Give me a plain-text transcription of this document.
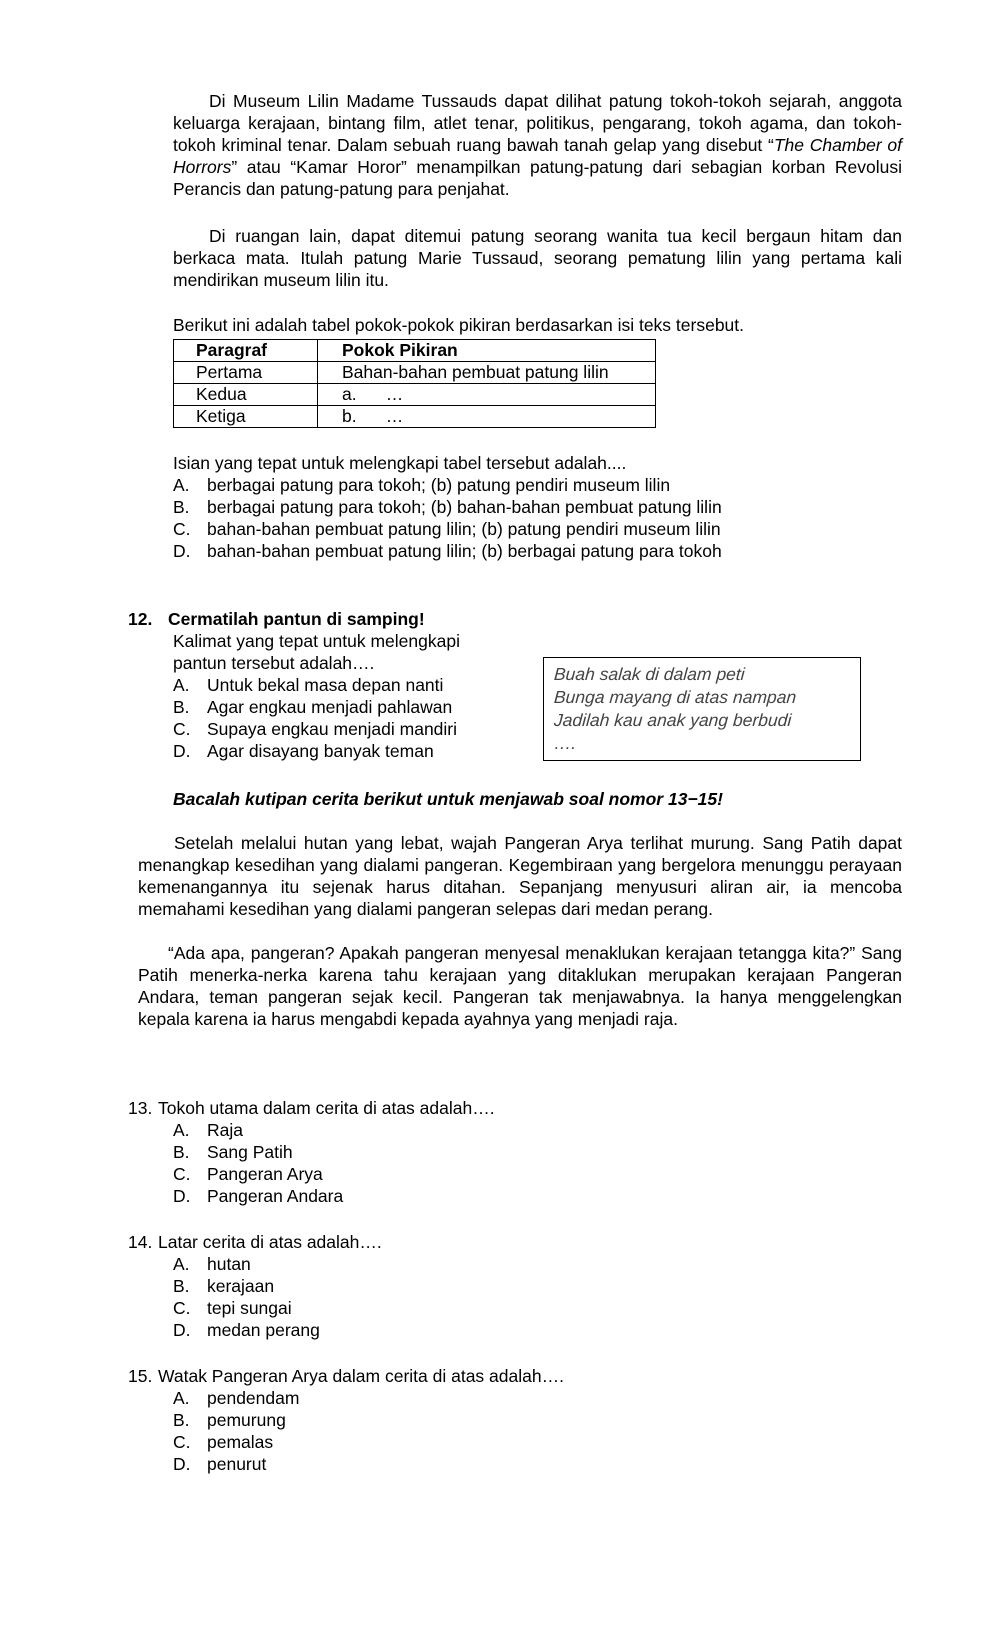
Di Museum Lilin Madame Tussauds dapat dilihat patung tokoh-tokoh sejarah, anggota keluarga kerajaan, bintang film, atlet tenar, politikus, pengarang, tokoh agama, dan tokoh-tokoh kriminal tenar. Dalam sebuah ruang bawah tanah gelap yang disebut “The Chamber of Horrors” atau “Kamar Horor” menampilkan patung-patung dari sebagian korban Revolusi Perancis dan patung-patung para penjahat.

Di ruangan lain, dapat ditemui patung seorang wanita tua kecil bergaun hitam dan berkaca mata. Itulah patung Marie Tussaud, seorang pematung lilin yang pertama kali mendirikan museum lilin itu.

Berikut ini adalah tabel pokok-pokok pikiran berdasarkan isi teks tersebut.
Paragraf	Pokok Pikiran
Pertama	Bahan-bahan pembuat patung lilin
Kedua	a.      …
Ketiga	b.      …
Isian yang tepat untuk melengkapi tabel tersebut adalah....
A. berbagai patung para tokoh; (b) patung pendiri museum lilin
B. berbagai patung para tokoh; (b) bahan-bahan pembuat patung lilin
C. bahan-bahan pembuat patung lilin; (b) patung pendiri museum lilin
D. bahan-bahan pembuat patung lilin; (b) berbagai patung para tokoh
12. Cermatilah pantun di samping!
Kalimat yang tepat untuk melengkapi
pantun tersebut adalah….
A. Untuk bekal masa depan nanti
B. Agar engkau menjadi pahlawan
C. Supaya engkau menjadi mandiri
D. Agar disayang banyak teman
Buah salak di dalam peti
Bunga mayang di atas nampan
Jadilah kau anak yang berbudi
….
Bacalah kutipan cerita berikut untuk menjawab soal nomor 13−15!

Setelah melalui hutan yang lebat, wajah Pangeran Arya terlihat murung. Sang Patih dapat menangkap kesedihan yang dialami pangeran. Kegembiraan yang bergelora menunggu perayaan kemenangannya itu sejenak harus ditahan. Sepanjang menyusuri aliran air, ia mencoba memahami kesedihan yang dialami pangeran selepas dari medan perang.

“Ada apa, pangeran? Apakah pangeran menyesal menaklukan kerajaan tetangga kita?” Sang Patih menerka-nerka karena tahu kerajaan yang ditaklukan merupakan kerajaan Pangeran Andara, teman pangeran sejak kecil. Pangeran tak menjawabnya. Ia hanya menggelengkan kepala karena ia harus mengabdi kepada ayahnya yang menjadi raja.

13. Tokoh utama dalam cerita di atas adalah….
A. Raja
B. Sang Patih
C. Pangeran Arya
D. Pangeran Andara
14. Latar cerita di atas adalah….
A. hutan
B. kerajaan
C. tepi sungai
D. medan perang
15. Watak Pangeran Arya dalam cerita di atas adalah….
A. pendendam
B. pemurung
C. pemalas
D. penurut
